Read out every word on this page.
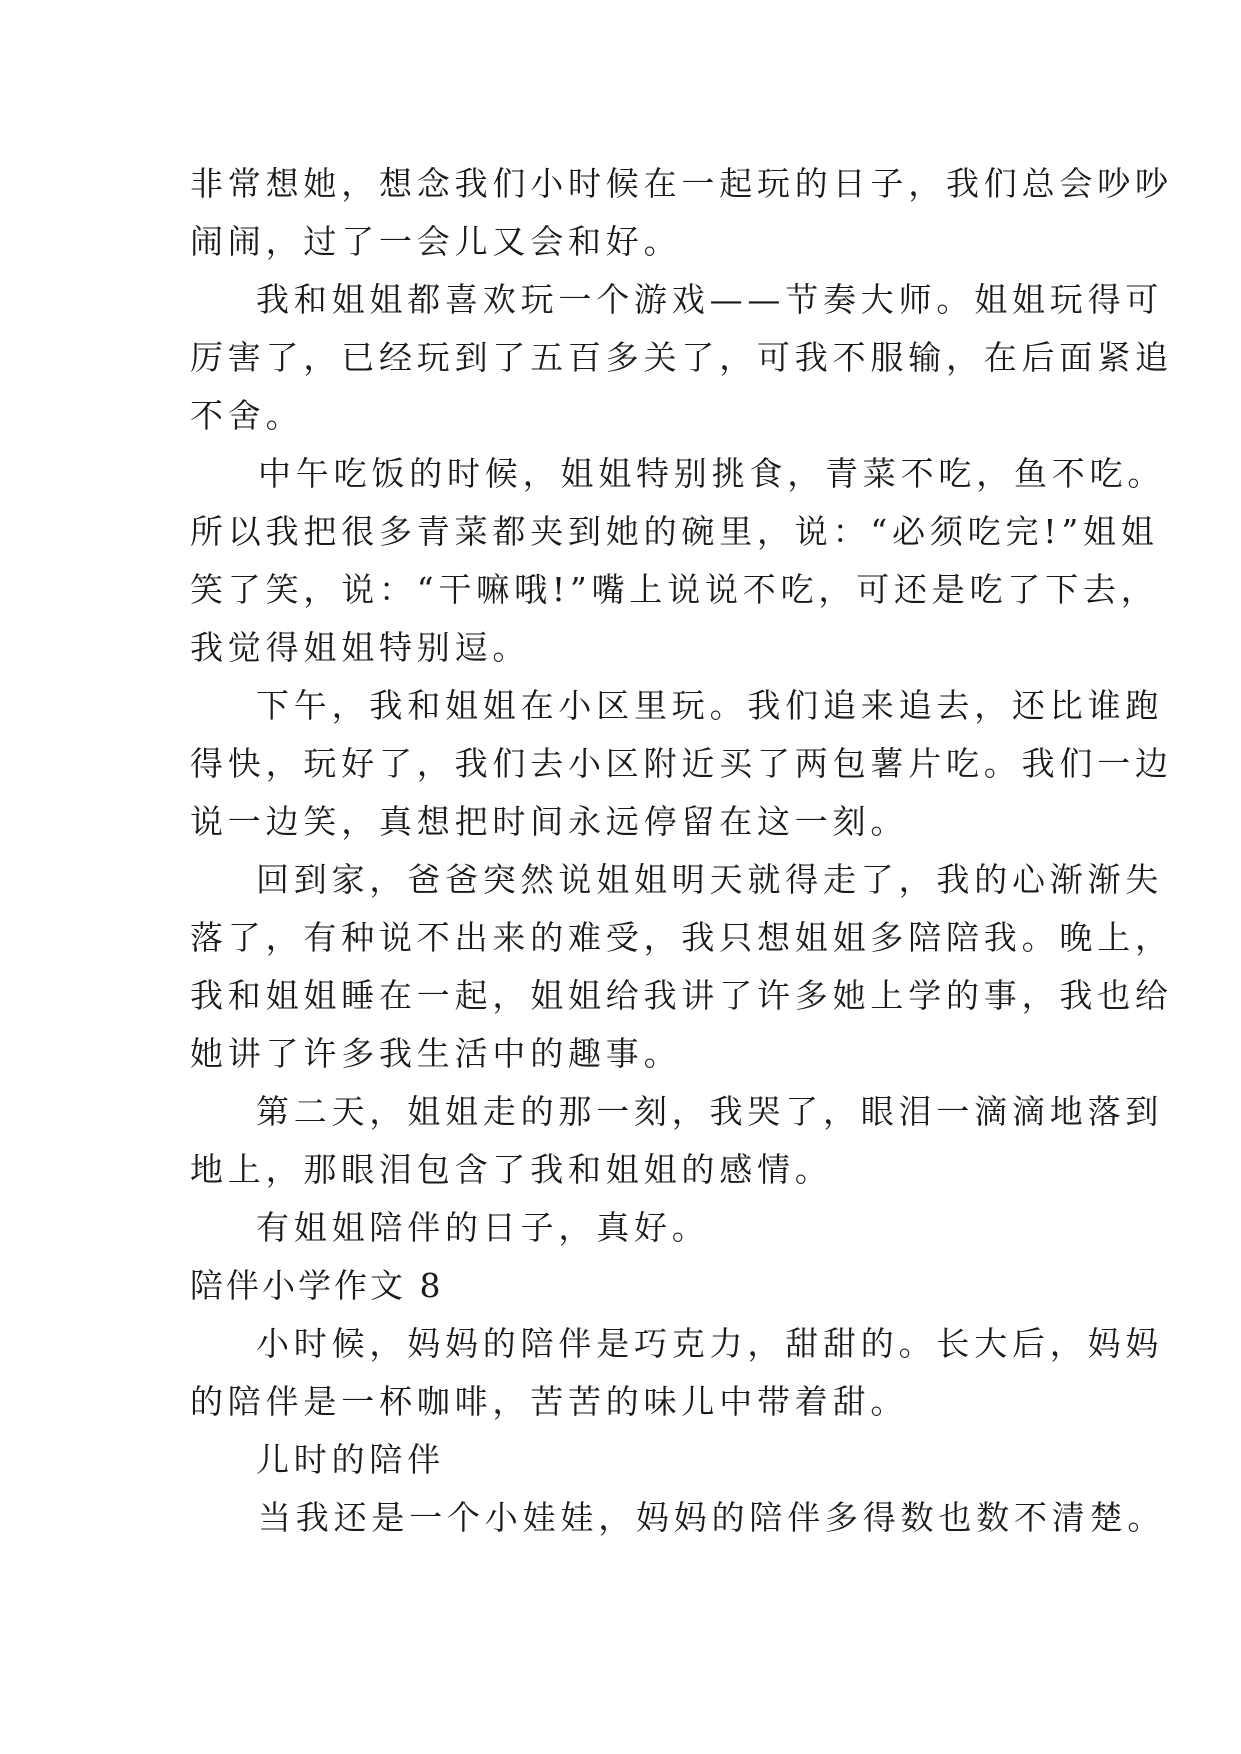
非常想她，想念我们小时候在一起玩的日子，我们总会吵吵

闹闹，过了一会儿又会和好。

我和姐姐都喜欢玩一个游戏——节奏大师。姐姐玩得可

厉害了，已经玩到了五百多关了，可我不服输，在后面紧追

不舍。

中午吃饭的时候，姐姐特别挑食，青菜不吃，鱼不吃。

所以我把很多青菜都夹到她的碗里，说：“必须吃完!”姐姐

笑了笑，说：“干嘛哦!”嘴上说说不吃，可还是吃了下去，

我觉得姐姐特别逗。

下午，我和姐姐在小区里玩。我们追来追去，还比谁跑

得快，玩好了，我们去小区附近买了两包薯片吃。我们一边

说一边笑，真想把时间永远停留在这一刻。

回到家，爸爸突然说姐姐明天就得走了，我的心渐渐失

落了，有种说不出来的难受，我只想姐姐多陪陪我。晚上，

我和姐姐睡在一起，姐姐给我讲了许多她上学的事，我也给

她讲了许多我生活中的趣事。

第二天，姐姐走的那一刻，我哭了，眼泪一滴滴地落到

地上，那眼泪包含了我和姐姐的感情。

有姐姐陪伴的日子，真好。

陪伴小学作文 8

小时候，妈妈的陪伴是巧克力，甜甜的。长大后，妈妈

的陪伴是一杯咖啡，苦苦的味儿中带着甜。

儿时的陪伴

当我还是一个小娃娃，妈妈的陪伴多得数也数不清楚。
